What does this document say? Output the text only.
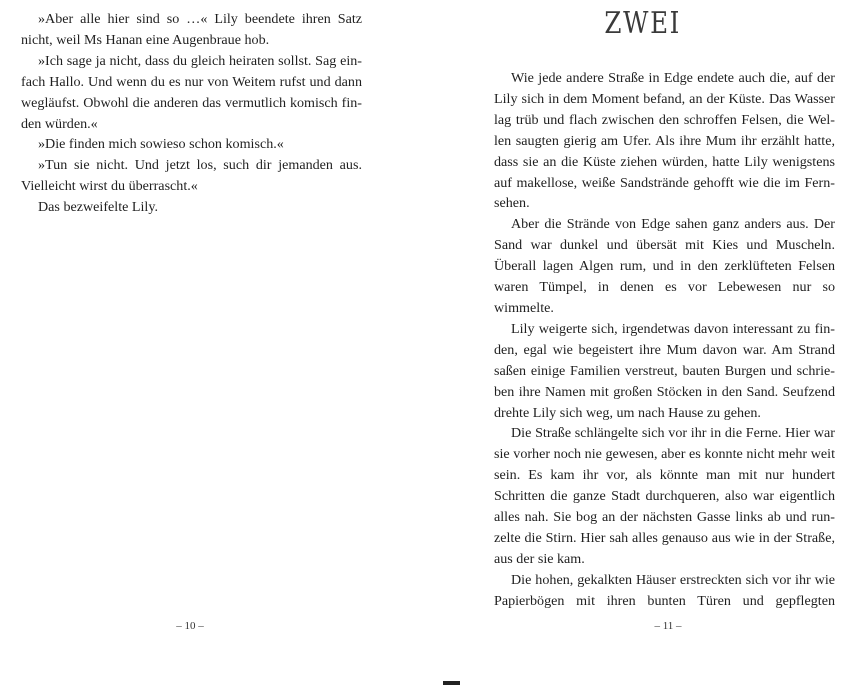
»Aber alle hier sind so …« Lily beendete ihren Satz nicht, weil Ms Hanan eine Augenbraue hob.

»Ich sage ja nicht, dass du gleich heiraten sollst. Sag ein-fach Hallo. Und wenn du es nur von Weitem rufst und dann wegläufst. Obwohl die anderen das vermutlich komisch fin-den würden.«

»Die finden mich sowieso schon komisch.«

»Tun sie nicht. Und jetzt los, such dir jemanden aus. Vielleicht wirst du überrascht.«

Das bezweifelte Lily.

– 10 –
ZWEI

Wie jede andere Straße in Edge endete auch die, auf der Lily sich in dem Moment befand, an der Küste. Das Wasser lag trüb und flach zwischen den schroffen Felsen, die Wel-len saugten gierig am Ufer. Als ihre Mum ihr erzählt hatte, dass sie an die Küste ziehen würden, hatte Lily wenigstens auf makellose, weiße Sandstrände gehofft wie die im Fern-sehen.

Aber die Strände von Edge sahen ganz anders aus. Der Sand war dunkel und übersät mit Kies und Muscheln. Überall lagen Algen rum, und in den zerklüfteten Felsen waren Tümpel, in denen es vor Lebewesen nur so wimmelte.

Lily weigerte sich, irgendetwas davon interessant zu fin-den, egal wie begeistert ihre Mum davon war. Am Strand saßen einige Familien verstreut, bauten Burgen und schrie-ben ihre Namen mit großen Stöcken in den Sand. Seufzend drehte Lily sich weg, um nach Hause zu gehen.

Die Straße schlängelte sich vor ihr in die Ferne. Hier war sie vorher noch nie gewesen, aber es konnte nicht mehr weit sein. Es kam ihr vor, als könnte man mit nur hundert Schritten die ganze Stadt durchqueren, also war eigentlich alles nah. Sie bog an der nächsten Gasse links ab und run-zelte die Stirn. Hier sah alles genauso aus wie in der Straße, aus der sie kam.

Die hohen, gekalkten Häuser erstreckten sich vor ihr wie Papierbögen mit ihren bunten Türen und gepflegten

– 11 –
